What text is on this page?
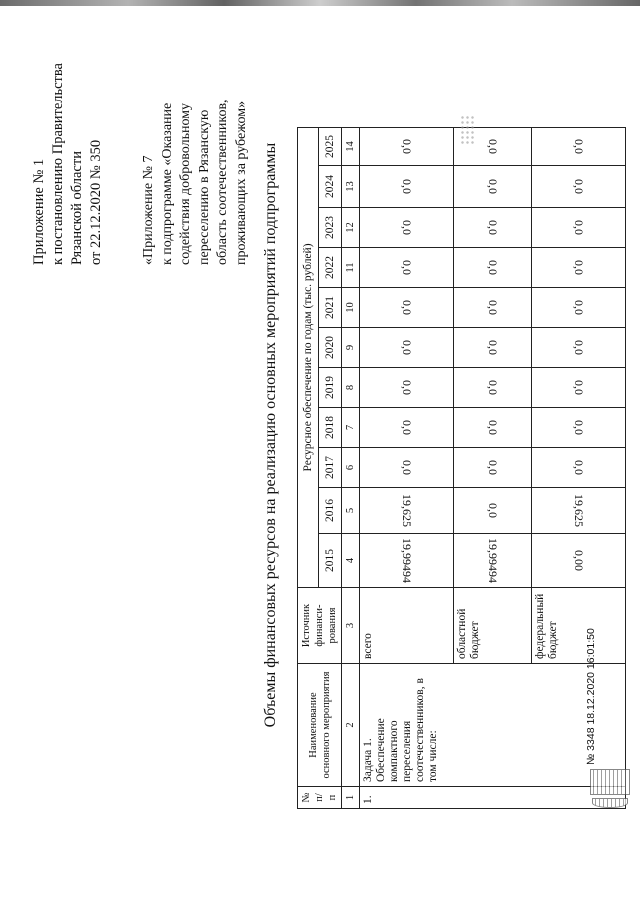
Приложение № 1 к постановлению Правительства Рязанской области от 22.12.2020 № 350	«Приложение № 7 к подпрограмме «Оказание содействия добровольному переселению в Рязанскую область соотечественников, проживающих за рубежом» Объемы финансовых ресурсов на реализацию основных мероприятий подпрограммы
№ п/п	Наименование основного мероприятия	Источник финанси-рования	Ресурсное обеспечение по годам (тыс. рублей)										
			2015	2016	2017	2018	2019	2020	2021	2022	2023	2024	2025
1	2	3	4	5	6	7	8	9	10	11	12	13	14
1.	Задача 1. Обеспечение компактного переселения соотечественников, в том числе:	всего	19,99494	19,625	0,0	0,0	0,0	0,0	0,0	0,0	0,0	0,0	0,0
		областной бюджет	19,99494	0,0	0,0	0,0	0,0	0,0	0,0	0,0	0,0	0,0	0,0
		федеральный бюджет	0,00	19,625	0,0	0,0	0,0	0,0	0,0	0,0	0,0	0,0	0,0
№ 3348 18.12.2020 16:01:50
